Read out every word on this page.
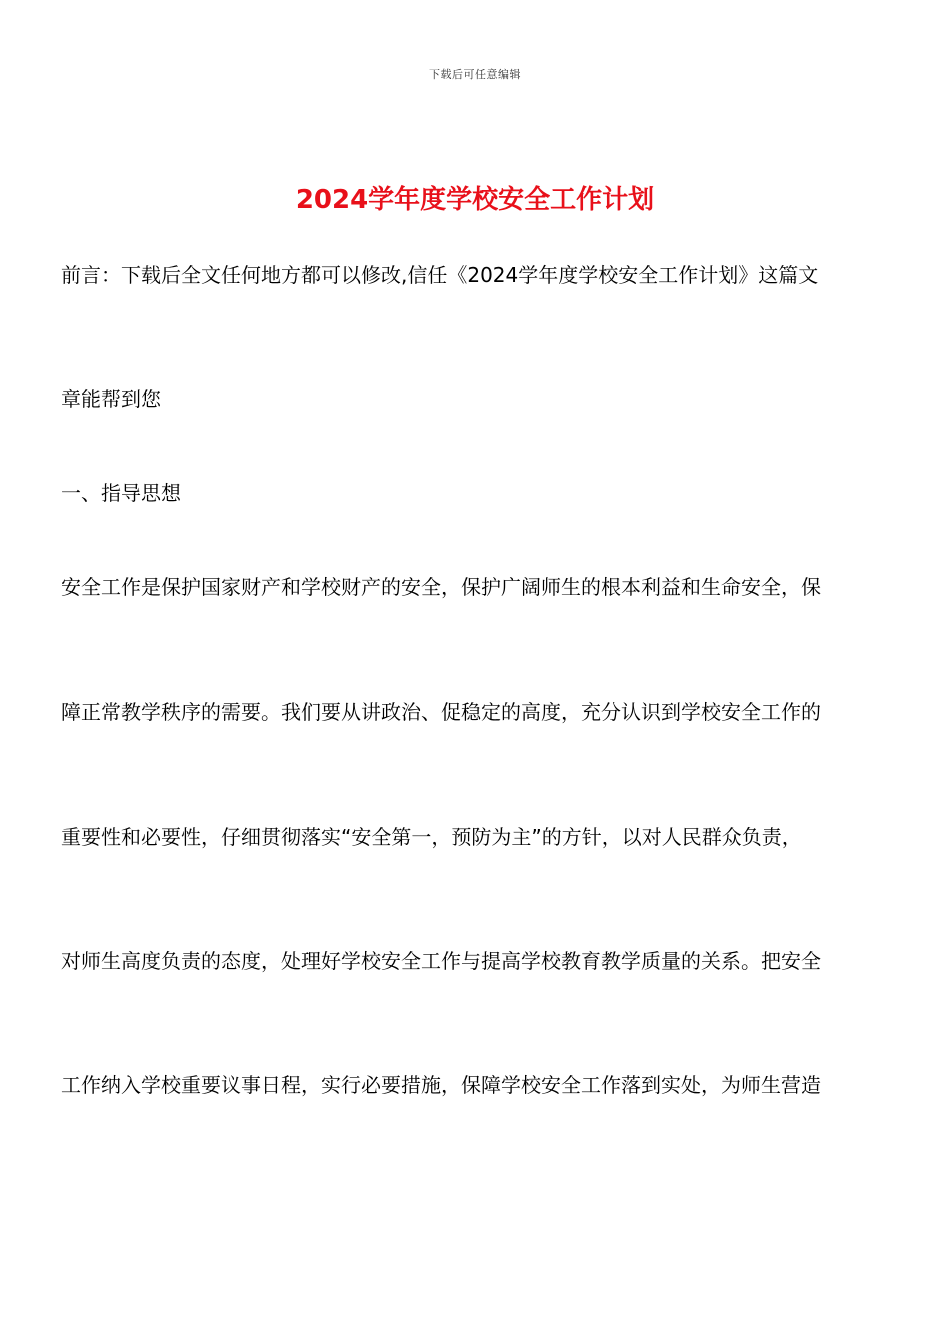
下载后可任意编辑
2024学年度学校安全工作计划

前言：下载后全文任何地方都可以修改,信任《2024学年度学校安全工作计划》这篇文

章能帮到您

一、指导思想

安全工作是保护国家财产和学校财产的安全，保护广阔师生的根本利益和生命安全，保

障正常教学秩序的需要。我们要从讲政治、促稳定的高度，充分认识到学校安全工作的

重要性和必要性，仔细贯彻落实“安全第一，预防为主”的方针，以对人民群众负责，

对师生高度负责的态度，处理好学校安全工作与提高学校教育教学质量的关系。把安全

工作纳入学校重要议事日程，实行必要措施，保障学校安全工作落到实处，为师生营造
